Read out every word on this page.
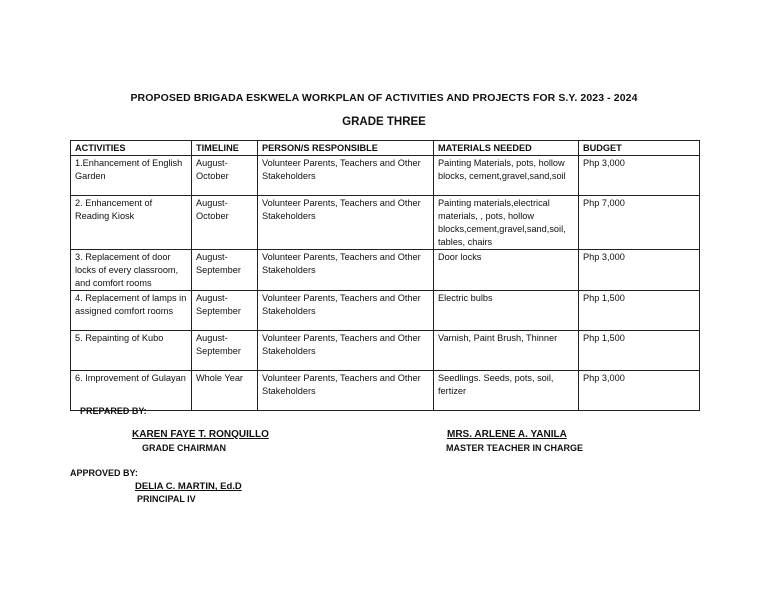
PROPOSED BRIGADA ESKWELA WORKPLAN OF ACTIVITIES AND PROJECTS FOR S.Y. 2023 - 2024
GRADE THREE
ACTIVITIES	TIMELINE	PERSON/S RESPONSIBLE	MATERIALS NEEDED	BUDGET
1.Enhancement of English Garden	August-October	Volunteer Parents, Teachers and Other Stakeholders	Painting Materials, pots, hollow blocks, cement,gravel,sand,soil	Php 3,000
2. Enhancement of Reading Kiosk	August-October	Volunteer Parents, Teachers and Other Stakeholders	Painting materials,electrical materials, , pots, hollow blocks,cement,gravel,sand,soil, tables, chairs	Php 7,000
3. Replacement of door locks of every classroom, and comfort rooms	August-September	Volunteer Parents, Teachers and Other Stakeholders	Door locks	Php 3,000
4. Replacement of lamps in assigned comfort rooms	August-September	Volunteer Parents, Teachers and Other Stakeholders	Electric bulbs	Php 1,500
5. Repainting of Kubo	August-September	Volunteer Parents, Teachers and Other Stakeholders	Varnish, Paint Brush, Thinner	Php 1,500
6. Improvement of Gulayan	Whole Year	Volunteer Parents, Teachers and Other Stakeholders	Seedlings. Seeds, pots, soil, fertizer	Php 3,000
PREPARED BY:
KAREN FAYE T. RONQUILLO
GRADE CHAIRMAN
MRS. ARLENE A. YANILA
MASTER TEACHER IN CHARGE
APPROVED BY:
DELIA C. MARTIN, Ed.D
PRINCIPAL IV
